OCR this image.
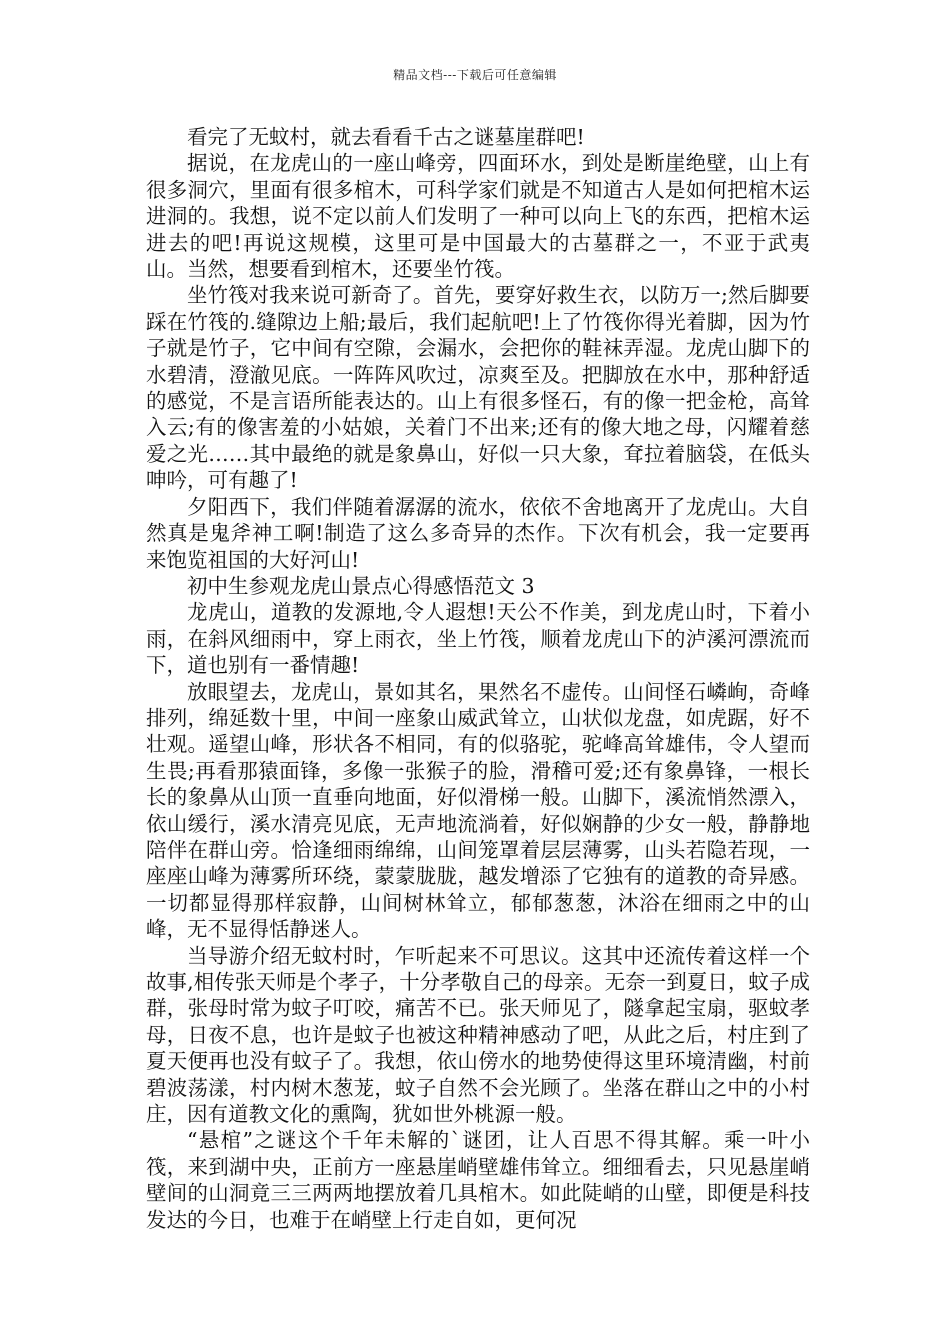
精品文档---下载后可任意编辑

看完了无蚊村，就去看看千古之谜墓崖群吧!

据说，在龙虎山的一座山峰旁，四面环水，到处是断崖绝壁，山上有很多洞穴，里面有很多棺木，可科学家们就是不知道古人是如何把棺木运进洞的。我想，说不定以前人们发明了一种可以向上飞的东西，把棺木运进去的吧!再说这规模，这里可是中国最大的古墓群之一，不亚于武夷山。当然，想要看到棺木，还要坐竹筏。

坐竹筏对我来说可新奇了。首先，要穿好救生衣，以防万一;然后脚要踩在竹筏的.缝隙边上船;最后，我们起航吧!上了竹筏你得光着脚，因为竹子就是竹子，它中间有空隙，会漏水，会把你的鞋袜弄湿。龙虎山脚下的水碧清，澄澈见底。一阵阵风吹过，凉爽至及。把脚放在水中，那种舒适的感觉，不是言语所能表达的。山上有很多怪石，有的像一把金枪，高耸入云;有的像害羞的小姑娘，关着门不出来;还有的像大地之母，闪耀着慈爱之光……其中最绝的就是象鼻山，好似一只大象，耷拉着脑袋，在低头呻吟，可有趣了!

夕阳西下，我们伴随着潺潺的流水，依依不舍地离开了龙虎山。大自然真是鬼斧神工啊!制造了这么多奇异的杰作。下次有机会，我一定要再来饱览祖国的大好河山!

初中生参观龙虎山景点心得感悟范文 3

龙虎山，道教的发源地,令人遐想!天公不作美，到龙虎山时，下着小雨，在斜风细雨中，穿上雨衣，坐上竹筏，顺着龙虎山下的泸溪河漂流而下，道也别有一番情趣!

放眼望去，龙虎山，景如其名，果然名不虚传。山间怪石嶙峋，奇峰排列，绵延数十里，中间一座象山威武耸立，山状似龙盘，如虎踞，好不壮观。遥望山峰，形状各不相同，有的似骆驼，驼峰高耸雄伟，令人望而生畏;再看那猿面锋，多像一张猴子的脸，滑稽可爱;还有象鼻锋，一根长长的象鼻从山顶一直垂向地面，好似滑梯一般。山脚下，溪流悄然漂入，依山缓行，溪水清亮见底，无声地流淌着，好似娴静的少女一般，静静地陪伴在群山旁。恰逢细雨绵绵，山间笼罩着层层薄雾，山头若隐若现，一座座山峰为薄雾所环绕，蒙蒙胧胧，越发增添了它独有的道教的奇异感。一切都显得那样寂静，山间树林耸立，郁郁葱葱，沐浴在细雨之中的山峰，无不显得恬静迷人。

当导游介绍无蚊村时，乍听起来不可思议。这其中还流传着这样一个故事,相传张天师是个孝子，十分孝敬自己的母亲。无奈一到夏日，蚊子成群，张母时常为蚊子叮咬，痛苦不已。张天师见了，隧拿起宝扇，驱蚊孝母，日夜不息，也许是蚊子也被这种精神感动了吧，从此之后，村庄到了夏天便再也没有蚊子了。我想，依山傍水的地势使得这里环境清幽，村前碧波荡漾，村内树木葱茏，蚊子自然不会光顾了。坐落在群山之中的小村庄，因有道教文化的熏陶，犹如世外桃源一般。

“悬棺”之谜这个千年未解的`谜团，让人百思不得其解。乘一叶小筏，来到湖中央，正前方一座悬崖峭壁雄伟耸立。细细看去，只见悬崖峭壁间的山洞竟三三两两地摆放着几具棺木。如此陡峭的山壁，即便是科技发达的今日，也难于在峭壁上行走自如，更何况
